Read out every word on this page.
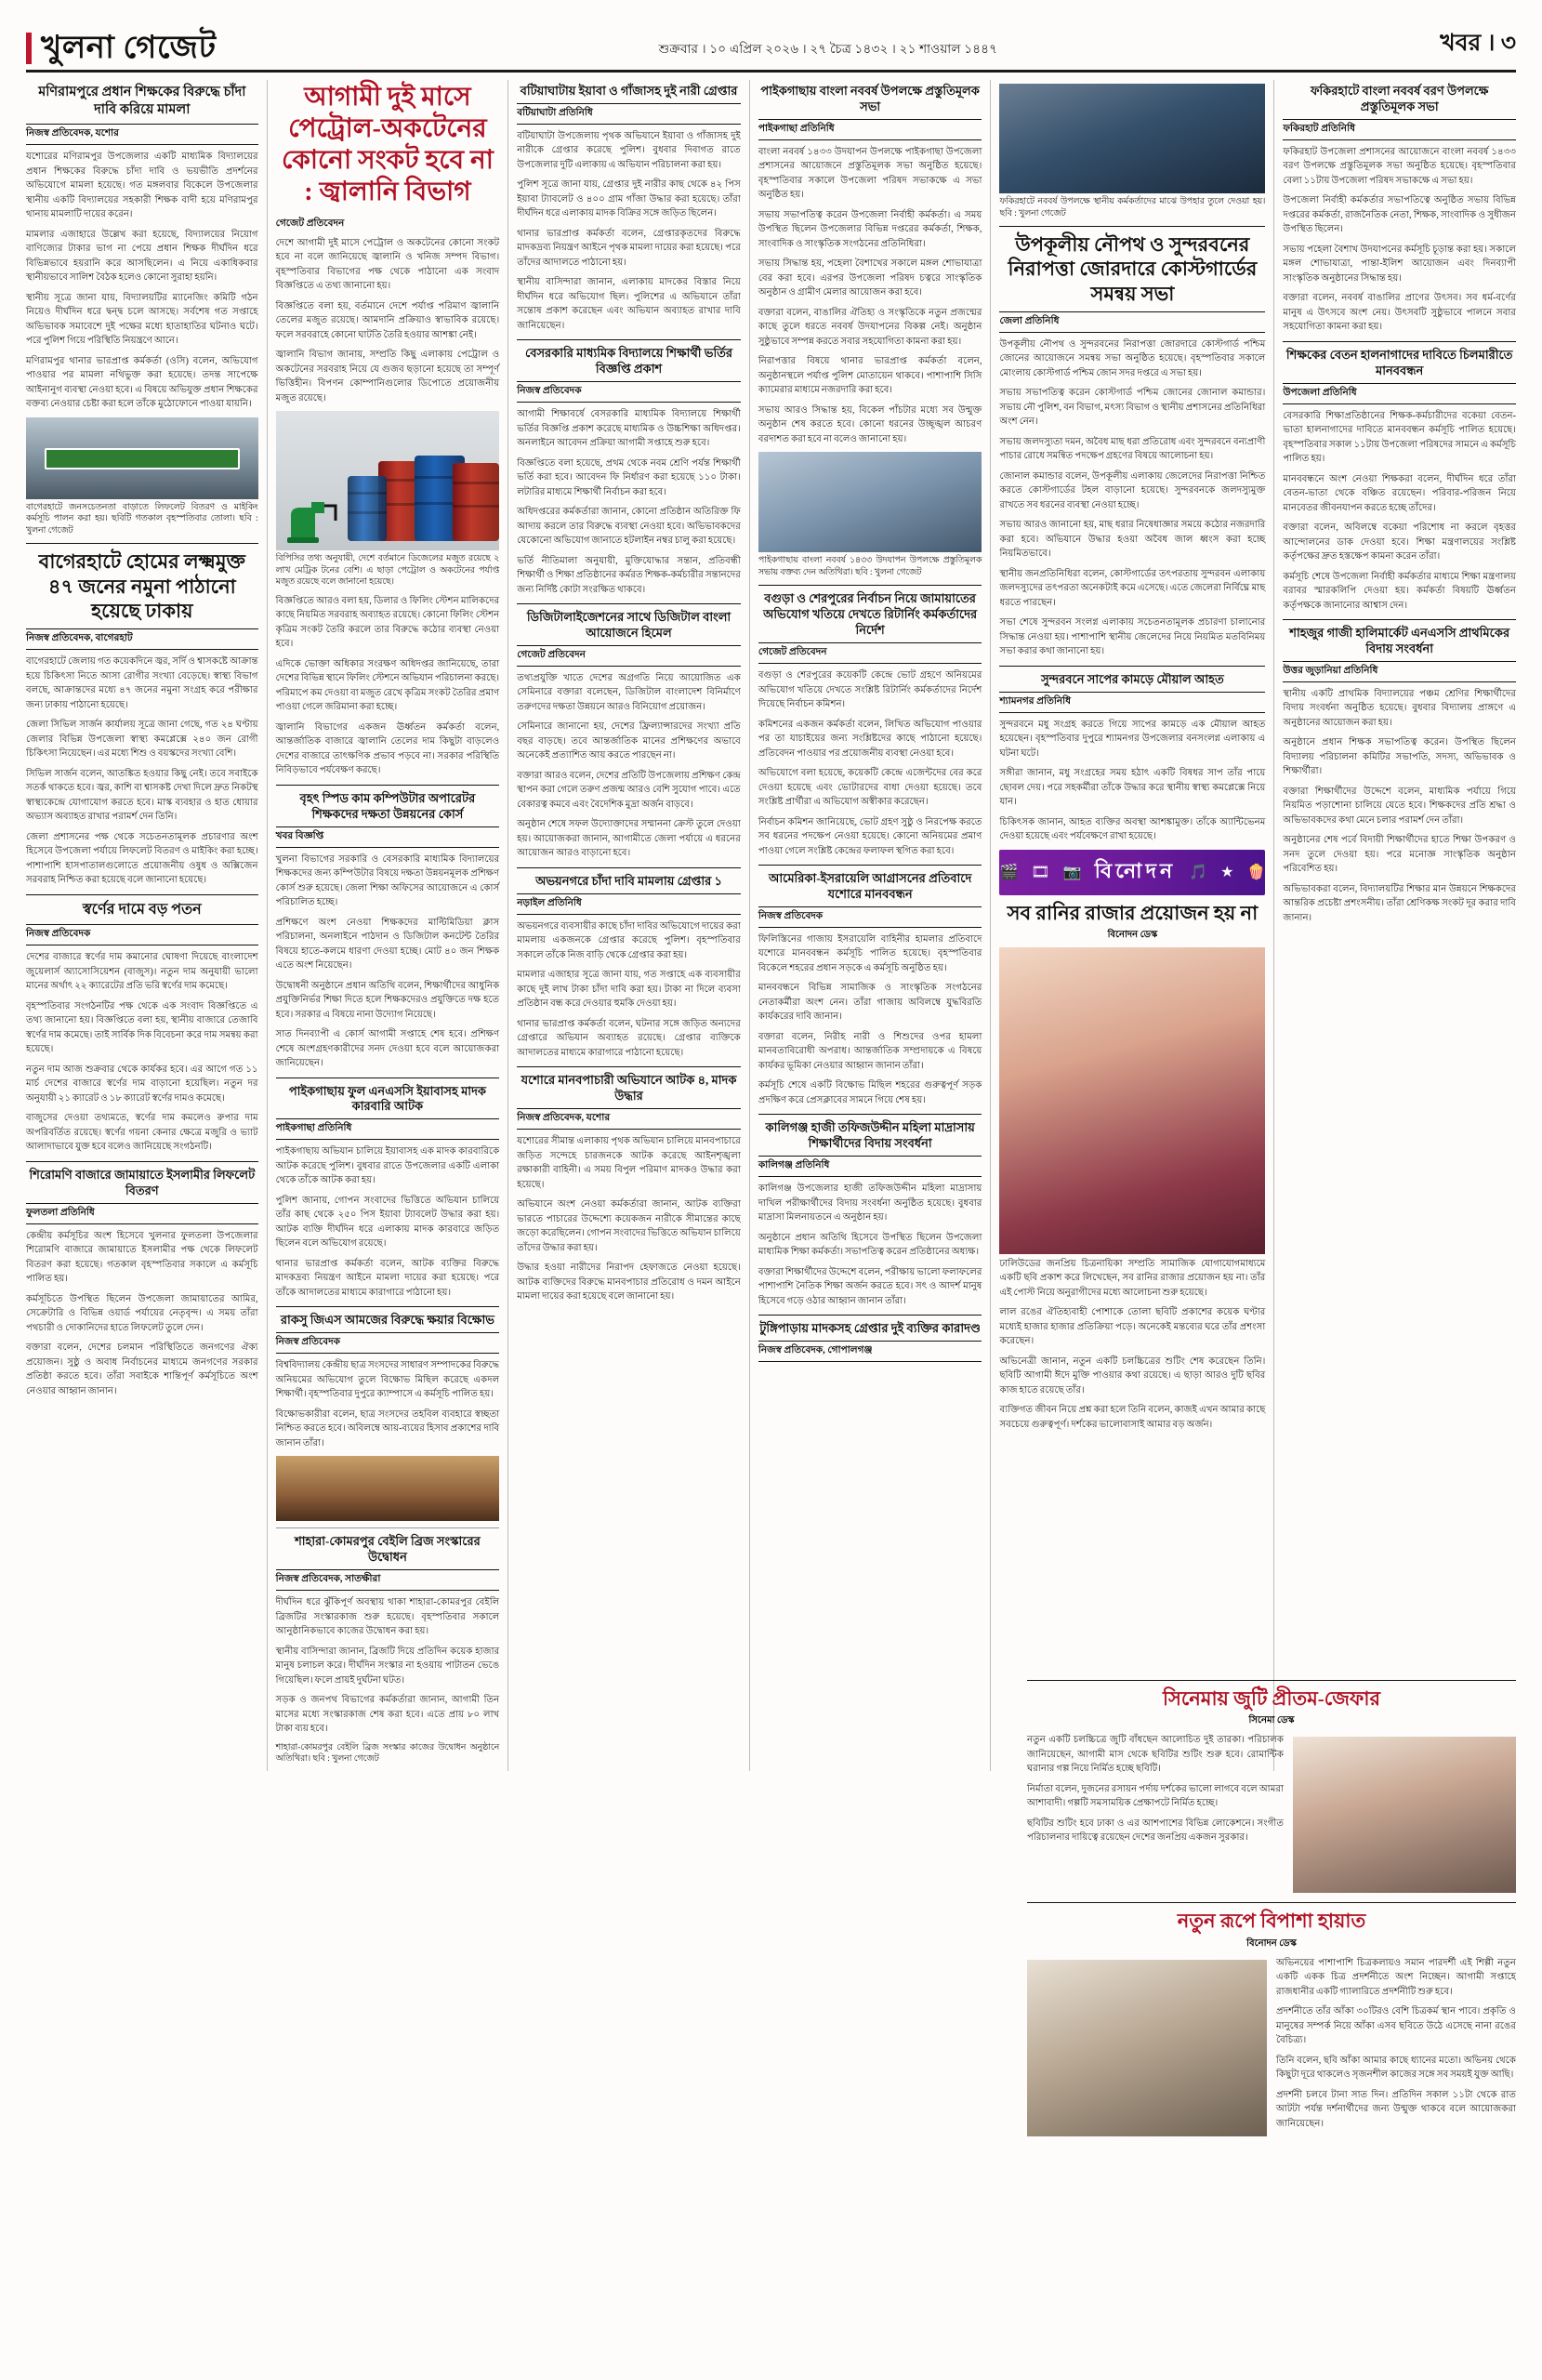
খুলনা গেজেট	শুক্রবার । ১০ এপ্রিল ২০২৬ । ২৭ চৈত্র ১৪৩২ । ২১ শাওয়াল ১৪৪৭	খবর । ৩
মণিরামপুরে প্রধান শিক্ষকের বিরুদ্ধে চাঁদা দাবি করিয়ে মামলা
নিজস্ব প্রতিবেদক, যশোর

যশোরের মণিরামপুর উপজেলার একটি মাধ্যমিক বিদ্যালয়ের প্রধান শিক্ষকের বিরুদ্ধে চাঁদা দাবি ও ভয়ভীতি প্রদর্শনের অভিযোগে মামলা হয়েছে। গত মঙ্গলবার বিকেলে উপজেলার স্থানীয় একটি বিদ্যালয়ের সহকারী শিক্ষক বাদী হয়ে মণিরামপুর থানায় মামলাটি দায়ের করেন।

মামলার এজাহারে উল্লেখ করা হয়েছে, বিদ্যালয়ের নিয়োগ বাণিজ্যের টাকার ভাগ না পেয়ে প্রধান শিক্ষক দীর্ঘদিন ধরে বিভিন্নভাবে হয়রানি করে আসছিলেন। এ নিয়ে একাধিকবার স্থানীয়ভাবে সালিশ বৈঠক হলেও কোনো সুরাহা হয়নি।

স্থানীয় সূত্রে জানা যায়, বিদ্যালয়টির ম্যানেজিং কমিটি গঠন নিয়েও দীর্ঘদিন ধরে দ্বন্দ্ব চলে আসছে। সর্বশেষ গত সপ্তাহে অভিভাবক সমাবেশে দুই পক্ষের মধ্যে হাতাহাতির ঘটনাও ঘটে। পরে পুলিশ গিয়ে পরিস্থিতি নিয়ন্ত্রণে আনে।

মণিরামপুর থানার ভারপ্রাপ্ত কর্মকর্তা (ওসি) বলেন, অভিযোগ পাওয়ার পর মামলা নথিভুক্ত করা হয়েছে। তদন্ত সাপেক্ষে আইনানুগ ব্যবস্থা নেওয়া হবে। এ বিষয়ে অভিযুক্ত প্রধান শিক্ষকের বক্তব্য নেওয়ার চেষ্টা করা হলে তাঁকে মুঠোফোনে পাওয়া যায়নি।

বাগেরহাটে জনসচেতনতা বাড়াতে লিফলেট বিতরণ ও মাইকিং কর্মসূচি পালন করা হয়। ছবিটি গতকাল বৃহস্পতিবার তোলা। ছবি : খুলনা গেজেট
বাগেরহাটে হোমের লক্ষ্মমুক্ত ৪৭ জনের নমুনা পাঠানো হয়েছে ঢাকায়
নিজস্ব প্রতিবেদক, বাগেরহাট

বাগেরহাটে জেলায় গত কয়েকদিনে জ্বর, সর্দি ও শ্বাসকষ্টে আক্রান্ত হয়ে চিকিৎসা নিতে আসা রোগীর সংখ্যা বেড়েছে। স্বাস্থ্য বিভাগ বলছে, আক্রান্তদের মধ্যে ৪৭ জনের নমুনা সংগ্রহ করে পরীক্ষার জন্য ঢাকায় পাঠানো হয়েছে।

জেলা সিভিল সার্জন কার্যালয় সূত্রে জানা গেছে, গত ২৪ ঘণ্টায় জেলার বিভিন্ন উপজেলা স্বাস্থ্য কমপ্লেক্সে ২৪০ জন রোগী চিকিৎসা নিয়েছেন। এর মধ্যে শিশু ও বয়স্কদের সংখ্যা বেশি।

সিভিল সার্জন বলেন, আতঙ্কিত হওয়ার কিছু নেই। তবে সবাইকে সতর্ক থাকতে হবে। জ্বর, কাশি বা শ্বাসকষ্ট দেখা দিলে দ্রুত নিকটস্থ স্বাস্থ্যকেন্দ্রে যোগাযোগ করতে হবে। মাস্ক ব্যবহার ও হাত ধোয়ার অভ্যাস অব্যাহত রাখার পরামর্শ দেন তিনি।

জেলা প্রশাসনের পক্ষ থেকে সচেতনতামূলক প্রচারণার অংশ হিসেবে উপজেলা পর্যায়ে লিফলেট বিতরণ ও মাইকিং করা হচ্ছে। পাশাপাশি হাসপাতালগুলোতে প্রয়োজনীয় ওষুধ ও অক্সিজেন সরবরাহ নিশ্চিত করা হয়েছে বলে জানানো হয়েছে।

স্বর্ণের দামে বড় পতন
নিজস্ব প্রতিবেদক

দেশের বাজারে স্বর্ণের দাম কমানোর ঘোষণা দিয়েছে বাংলাদেশ জুয়েলার্স অ্যাসোসিয়েশন (বাজুস)। নতুন দাম অনুযায়ী ভালো মানের অর্থাৎ ২২ ক্যারেটের প্রতি ভরি স্বর্ণের দাম কমেছে।

বৃহস্পতিবার সংগঠনটির পক্ষ থেকে এক সংবাদ বিজ্ঞপ্তিতে এ তথ্য জানানো হয়। বিজ্ঞপ্তিতে বলা হয়, স্থানীয় বাজারে তেজাবি স্বর্ণের দাম কমেছে। তাই সার্বিক দিক বিবেচনা করে দাম সমন্বয় করা হয়েছে।

নতুন দাম আজ শুক্রবার থেকে কার্যকর হবে। এর আগে গত ১১ মার্চ দেশের বাজারে স্বর্ণের দাম বাড়ানো হয়েছিল। নতুন দর অনুযায়ী ২১ ক্যারেট ও ১৮ ক্যারেট স্বর্ণের দামও কমেছে।

বাজুসের দেওয়া তথ্যমতে, স্বর্ণের দাম কমলেও রুপার দাম অপরিবর্তিত রয়েছে। স্বর্ণের গয়না কেনার ক্ষেত্রে মজুরি ও ভ্যাট আলাদাভাবে যুক্ত হবে বলেও জানিয়েছে সংগঠনটি।

শিরোমণি বাজারে জামায়াতে ইসলামীর লিফলেট বিতরণ
ফুলতলা প্রতিনিধি

কেন্দ্রীয় কর্মসূচির অংশ হিসেবে খুলনার ফুলতলা উপজেলার শিরোমণি বাজারে জামায়াতে ইসলামীর পক্ষ থেকে লিফলেট বিতরণ করা হয়েছে। গতকাল বৃহস্পতিবার সকালে এ কর্মসূচি পালিত হয়।

কর্মসূচিতে উপস্থিত ছিলেন উপজেলা জামায়াতের আমির, সেক্রেটারি ও বিভিন্ন ওয়ার্ড পর্যায়ের নেতৃবৃন্দ। এ সময় তাঁরা পথচারী ও দোকানিদের হাতে লিফলেট তুলে দেন।

বক্তারা বলেন, দেশের চলমান পরিস্থিতিতে জনগণের ঐক্য প্রয়োজন। সুষ্ঠু ও অবাধ নির্বাচনের মাধ্যমে জনগণের সরকার প্রতিষ্ঠা করতে হবে। তাঁরা সবাইকে শান্তিপূর্ণ কর্মসূচিতে অংশ নেওয়ার আহ্বান জানান।

আগামী দুই মাসে পেট্রোল-অকটেনের কোনো সংকট হবে না : জ্বালানি বিভাগ
গেজেট প্রতিবেদন

দেশে আগামী দুই মাসে পেট্রোল ও অকটেনের কোনো সংকট হবে না বলে জানিয়েছে জ্বালানি ও খনিজ সম্পদ বিভাগ। বৃহস্পতিবার বিভাগের পক্ষ থেকে পাঠানো এক সংবাদ বিজ্ঞপ্তিতে এ তথ্য জানানো হয়।

বিজ্ঞপ্তিতে বলা হয়, বর্তমানে দেশে পর্যাপ্ত পরিমাণ জ্বালানি তেলের মজুত রয়েছে। আমদানি প্রক্রিয়াও স্বাভাবিক রয়েছে। ফলে সরবরাহে কোনো ঘাটতি তৈরি হওয়ার আশঙ্কা নেই।

জ্বালানি বিভাগ জানায়, সম্প্রতি কিছু এলাকায় পেট্রোল ও অকটেনের সরবরাহ নিয়ে যে গুজব ছড়ানো হয়েছে তা সম্পূর্ণ ভিত্তিহীন। বিপণন কোম্পানিগুলোর ডিপোতে প্রয়োজনীয় মজুত রয়েছে।

বিপিসির তথ্য অনুযায়ী, দেশে বর্তমানে ডিজেলের মজুত রয়েছে ২ লাখ মেট্রিক টনের বেশি। এ ছাড়া পেট্রোল ও অকটেনের পর্যাপ্ত মজুত রয়েছে বলে জানানো হয়েছে।

বিজ্ঞপ্তিতে আরও বলা হয়, ডিলার ও ফিলিং স্টেশন মালিকদের কাছে নিয়মিত সরবরাহ অব্যাহত রয়েছে। কোনো ফিলিং স্টেশন কৃত্রিম সংকট তৈরি করলে তার বিরুদ্ধে কঠোর ব্যবস্থা নেওয়া হবে।

এদিকে ভোক্তা অধিকার সংরক্ষণ অধিদপ্তর জানিয়েছে, তারা দেশের বিভিন্ন স্থানে ফিলিং স্টেশনে অভিযান পরিচালনা করছে। পরিমাপে কম দেওয়া বা মজুত রেখে কৃত্রিম সংকট তৈরির প্রমাণ পাওয়া গেলে জরিমানা করা হচ্ছে।

জ্বালানি বিভাগের একজন ঊর্ধ্বতন কর্মকর্তা বলেন, আন্তর্জাতিক বাজারে জ্বালানি তেলের দাম কিছুটা বাড়লেও দেশের বাজারে তাৎক্ষণিক প্রভাব পড়বে না। সরকার পরিস্থিতি নিবিড়ভাবে পর্যবেক্ষণ করছে।

বৃহৎ স্পিড কাম কম্পিউটার অপারেটর শিক্ষকদের দক্ষতা উন্নয়নের কোর্স
খবর বিজ্ঞপ্তি

খুলনা বিভাগের সরকারি ও বেসরকারি মাধ্যমিক বিদ্যালয়ের শিক্ষকদের জন্য কম্পিউটার বিষয়ে দক্ষতা উন্নয়নমূলক প্রশিক্ষণ কোর্স শুরু হয়েছে। জেলা শিক্ষা অফিসের আয়োজনে এ কোর্স পরিচালিত হচ্ছে।

প্রশিক্ষণে অংশ নেওয়া শিক্ষকদের মাল্টিমিডিয়া ক্লাস পরিচালনা, অনলাইনে পাঠদান ও ডিজিটাল কনটেন্ট তৈরির বিষয়ে হাতে-কলমে ধারণা দেওয়া হচ্ছে। মোট ৪০ জন শিক্ষক এতে অংশ নিয়েছেন।

উদ্বোধনী অনুষ্ঠানে প্রধান অতিথি বলেন, শিক্ষার্থীদের আধুনিক প্রযুক্তিনির্ভর শিক্ষা দিতে হলে শিক্ষকদেরও প্রযুক্তিতে দক্ষ হতে হবে। সরকার এ বিষয়ে নানা উদ্যোগ নিয়েছে।

সাত দিনব্যাপী এ কোর্স আগামী সপ্তাহে শেষ হবে। প্রশিক্ষণ শেষে অংশগ্রহণকারীদের সনদ দেওয়া হবে বলে আয়োজকরা জানিয়েছেন।

পাইকগাছায় ফুল এনএসসি ইয়াবাসহ মাদক কারবারি আটক
পাইকগাছা প্রতিনিধি

পাইকগাছায় অভিযান চালিয়ে ইয়াবাসহ এক মাদক কারবারিকে আটক করেছে পুলিশ। বুধবার রাতে উপজেলার একটি এলাকা থেকে তাঁকে আটক করা হয়।

পুলিশ জানায়, গোপন সংবাদের ভিত্তিতে অভিযান চালিয়ে তাঁর কাছ থেকে ২৫০ পিস ইয়াবা ট্যাবলেট উদ্ধার করা হয়। আটক ব্যক্তি দীর্ঘদিন ধরে এলাকায় মাদক কারবারে জড়িত ছিলেন বলে অভিযোগ রয়েছে।

থানার ভারপ্রাপ্ত কর্মকর্তা বলেন, আটক ব্যক্তির বিরুদ্ধে মাদকদ্রব্য নিয়ন্ত্রণ আইনে মামলা দায়ের করা হয়েছে। পরে তাঁকে আদালতের মাধ্যমে কারাগারে পাঠানো হয়।

রাকসু জিএস আমজের বিরুদ্ধে ক্ষয়ার বিক্ষোভ
নিজস্ব প্রতিবেদক

বিশ্ববিদ্যালয় কেন্দ্রীয় ছাত্র সংসদের সাধারণ সম্পাদকের বিরুদ্ধে অনিয়মের অভিযোগ তুলে বিক্ষোভ মিছিল করেছে একদল শিক্ষার্থী। বৃহস্পতিবার দুপুরে ক্যাম্পাসে এ কর্মসূচি পালিত হয়।

বিক্ষোভকারীরা বলেন, ছাত্র সংসদের তহবিল ব্যবহারে স্বচ্ছতা নিশ্চিত করতে হবে। অবিলম্বে আয়-ব্যয়ের হিসাব প্রকাশের দাবি জানান তাঁরা।

শাহারা-কোমরপুর বেইলি ব্রিজ সংস্কারের উদ্বোধন
নিজস্ব প্রতিবেদক, সাতক্ষীরা

দীর্ঘদিন ধরে ঝুঁকিপূর্ণ অবস্থায় থাকা শাহারা-কোমরপুর বেইলি ব্রিজটির সংস্কারকাজ শুরু হয়েছে। বৃহস্পতিবার সকালে আনুষ্ঠানিকভাবে কাজের উদ্বোধন করা হয়।

স্থানীয় বাসিন্দারা জানান, ব্রিজটি দিয়ে প্রতিদিন কয়েক হাজার মানুষ চলাচল করে। দীর্ঘদিন সংস্কার না হওয়ায় পাটাতন ভেঙে গিয়েছিল। ফলে প্রায়ই দুর্ঘটনা ঘটত।

সড়ক ও জনপথ বিভাগের কর্মকর্তারা জানান, আগামী তিন মাসের মধ্যে সংস্কারকাজ শেষ করা হবে। এতে প্রায় ৮০ লাখ টাকা ব্যয় হবে।

শাহারা-কোমরপুর বেইলি ব্রিজ সংস্কার কাজের উদ্বোধন অনুষ্ঠানে অতিথিরা। ছবি : খুলনা গেজেট
বটিয়াঘাটায় ইয়াবা ও গাঁজাসহ দুই নারী গ্রেপ্তার
বটিয়াঘাটা প্রতিনিধি

বটিয়াঘাটা উপজেলায় পৃথক অভিযানে ইয়াবা ও গাঁজাসহ দুই নারীকে গ্রেপ্তার করেছে পুলিশ। বুধবার দিবাগত রাতে উপজেলার দুটি এলাকায় এ অভিযান পরিচালনা করা হয়।

পুলিশ সূত্রে জানা যায়, গ্রেপ্তার দুই নারীর কাছ থেকে ৪২ পিস ইয়াবা ট্যাবলেট ও ৪০০ গ্রাম গাঁজা উদ্ধার করা হয়েছে। তাঁরা দীর্ঘদিন ধরে এলাকায় মাদক বিক্রির সঙ্গে জড়িত ছিলেন।

থানার ভারপ্রাপ্ত কর্মকর্তা বলেন, গ্রেপ্তারকৃতদের বিরুদ্ধে মাদকদ্রব্য নিয়ন্ত্রণ আইনে পৃথক মামলা দায়ের করা হয়েছে। পরে তাঁদের আদালতে পাঠানো হয়।

স্থানীয় বাসিন্দারা জানান, এলাকায় মাদকের বিস্তার নিয়ে দীর্ঘদিন ধরে অভিযোগ ছিল। পুলিশের এ অভিযানে তাঁরা সন্তোষ প্রকাশ করেছেন এবং অভিযান অব্যাহত রাখার দাবি জানিয়েছেন।

বেসরকারি মাধ্যমিক বিদ্যালয়ে শিক্ষার্থী ভর্তির বিজ্ঞপ্তি প্রকাশ
নিজস্ব প্রতিবেদক

আগামী শিক্ষাবর্ষে বেসরকারি মাধ্যমিক বিদ্যালয়ে শিক্ষার্থী ভর্তির বিজ্ঞপ্তি প্রকাশ করেছে মাধ্যমিক ও উচ্চশিক্ষা অধিদপ্তর। অনলাইনে আবেদন প্রক্রিয়া আগামী সপ্তাহে শুরু হবে।

বিজ্ঞপ্তিতে বলা হয়েছে, প্রথম থেকে নবম শ্রেণি পর্যন্ত শিক্ষার্থী ভর্তি করা হবে। আবেদন ফি নির্ধারণ করা হয়েছে ১১০ টাকা। লটারির মাধ্যমে শিক্ষার্থী নির্বাচন করা হবে।

অধিদপ্তরের কর্মকর্তারা জানান, কোনো প্রতিষ্ঠান অতিরিক্ত ফি আদায় করলে তার বিরুদ্ধে ব্যবস্থা নেওয়া হবে। অভিভাবকদের যেকোনো অভিযোগ জানাতে হটলাইন নম্বর চালু করা হয়েছে।

ভর্তি নীতিমালা অনুযায়ী, মুক্তিযোদ্ধার সন্তান, প্রতিবন্ধী শিক্ষার্থী ও শিক্ষা প্রতিষ্ঠানের কর্মরত শিক্ষক-কর্মচারীর সন্তানদের জন্য নির্দিষ্ট কোটা সংরক্ষিত থাকবে।

ডিজিটালাইজেশনের সাথে ডিজিটাল বাংলা আয়োজনে হিমেল
গেজেট প্রতিবেদন

তথ্যপ্রযুক্তি খাতে দেশের অগ্রগতি নিয়ে আয়োজিত এক সেমিনারে বক্তারা বলেছেন, ডিজিটাল বাংলাদেশ বিনির্মাণে তরুণদের দক্ষতা উন্নয়নে আরও বিনিয়োগ প্রয়োজন।

সেমিনারে জানানো হয়, দেশের ফ্রিল্যান্সারদের সংখ্যা প্রতি বছর বাড়ছে। তবে আন্তর্জাতিক মানের প্রশিক্ষণের অভাবে অনেকেই প্রত্যাশিত আয় করতে পারছেন না।

বক্তারা আরও বলেন, দেশের প্রতিটি উপজেলায় প্রশিক্ষণ কেন্দ্র স্থাপন করা গেলে তরুণ প্রজন্ম আরও বেশি সুযোগ পাবে। এতে বেকারত্ব কমবে এবং বৈদেশিক মুদ্রা অর্জন বাড়বে।

অনুষ্ঠান শেষে সফল উদ্যোক্তাদের সম্মাননা ক্রেস্ট তুলে দেওয়া হয়। আয়োজকরা জানান, আগামীতে জেলা পর্যায়ে এ ধরনের আয়োজন আরও বাড়ানো হবে।

অভয়নগরে চাঁদা দাবি মামলায় গ্রেপ্তার ১
নড়াইল প্রতিনিধি

অভয়নগরে ব্যবসায়ীর কাছে চাঁদা দাবির অভিযোগে দায়ের করা মামলায় একজনকে গ্রেপ্তার করেছে পুলিশ। বৃহস্পতিবার সকালে তাঁকে নিজ বাড়ি থেকে গ্রেপ্তার করা হয়।

মামলার এজাহার সূত্রে জানা যায়, গত সপ্তাহে এক ব্যবসায়ীর কাছে দুই লাখ টাকা চাঁদা দাবি করা হয়। টাকা না দিলে ব্যবসা প্রতিষ্ঠান বন্ধ করে দেওয়ার হুমকি দেওয়া হয়।

থানার ভারপ্রাপ্ত কর্মকর্তা বলেন, ঘটনার সঙ্গে জড়িত অন্যদের গ্রেপ্তারে অভিযান অব্যাহত রয়েছে। গ্রেপ্তার ব্যক্তিকে আদালতের মাধ্যমে কারাগারে পাঠানো হয়েছে।

যশোরে মানবপাচারী অভিযানে আটক ৪, মাদক উদ্ধার
নিজস্ব প্রতিবেদক, যশোর

যশোরের সীমান্ত এলাকায় পৃথক অভিযান চালিয়ে মানবপাচারে জড়িত সন্দেহে চারজনকে আটক করেছে আইনশৃঙ্খলা রক্ষাকারী বাহিনী। এ সময় বিপুল পরিমাণ মাদকও উদ্ধার করা হয়েছে।

অভিযানে অংশ নেওয়া কর্মকর্তারা জানান, আটক ব্যক্তিরা ভারতে পাচারের উদ্দেশ্যে কয়েকজন নারীকে সীমান্তের কাছে জড়ো করেছিলেন। গোপন সংবাদের ভিত্তিতে অভিযান চালিয়ে তাঁদের উদ্ধার করা হয়।

উদ্ধার হওয়া নারীদের নিরাপদ হেফাজতে নেওয়া হয়েছে। আটক ব্যক্তিদের বিরুদ্ধে মানবপাচার প্রতিরোধ ও দমন আইনে মামলা দায়ের করা হয়েছে বলে জানানো হয়।

পাইকগাছায় বাংলা নববর্ষ উপলক্ষে প্রস্তুতিমূলক সভা
পাইকগাছা প্রতিনিধি

বাংলা নববর্ষ ১৪৩৩ উদযাপন উপলক্ষে পাইকগাছা উপজেলা প্রশাসনের আয়োজনে প্রস্তুতিমূলক সভা অনুষ্ঠিত হয়েছে। বৃহস্পতিবার সকালে উপজেলা পরিষদ সভাকক্ষে এ সভা অনুষ্ঠিত হয়।

সভায় সভাপতিত্ব করেন উপজেলা নির্বাহী কর্মকর্তা। এ সময় উপস্থিত ছিলেন উপজেলার বিভিন্ন দপ্তরের কর্মকর্তা, শিক্ষক, সাংবাদিক ও সাংস্কৃতিক সংগঠনের প্রতিনিধিরা।

সভায় সিদ্ধান্ত হয়, পহেলা বৈশাখের সকালে মঙ্গল শোভাযাত্রা বের করা হবে। এরপর উপজেলা পরিষদ চত্বরে সাংস্কৃতিক অনুষ্ঠান ও গ্রামীণ মেলার আয়োজন করা হবে।

বক্তারা বলেন, বাঙালির ঐতিহ্য ও সংস্কৃতিকে নতুন প্রজন্মের কাছে তুলে ধরতে নববর্ষ উদযাপনের বিকল্প নেই। অনুষ্ঠান সুষ্ঠুভাবে সম্পন্ন করতে সবার সহযোগিতা কামনা করা হয়।

নিরাপত্তার বিষয়ে থানার ভারপ্রাপ্ত কর্মকর্তা বলেন, অনুষ্ঠানস্থলে পর্যাপ্ত পুলিশ মোতায়েন থাকবে। পাশাপাশি সিসি ক্যামেরার মাধ্যমে নজরদারি করা হবে।

সভায় আরও সিদ্ধান্ত হয়, বিকেল পাঁচটার মধ্যে সব উন্মুক্ত অনুষ্ঠান শেষ করতে হবে। কোনো ধরনের উচ্ছৃঙ্খল আচরণ বরদাশত করা হবে না বলেও জানানো হয়।

পাইকগাছায় বাংলা নববর্ষ ১৪৩৩ উদযাপন উপলক্ষে প্রস্তুতিমূলক সভায় বক্তব্য দেন অতিথিরা। ছবি : খুলনা গেজেট
বগুড়া ও শেরপুরের নির্বাচন নিয়ে জামায়াতের অভিযোগ খতিয়ে দেখতে রিটার্নিং কর্মকর্তাদের নির্দেশ
গেজেট প্রতিবেদন

বগুড়া ও শেরপুরের কয়েকটি কেন্দ্রে ভোট গ্রহণে অনিয়মের অভিযোগ খতিয়ে দেখতে সংশ্লিষ্ট রিটার্নিং কর্মকর্তাদের নির্দেশ দিয়েছে নির্বাচন কমিশন।

কমিশনের একজন কর্মকর্তা বলেন, লিখিত অভিযোগ পাওয়ার পর তা যাচাইয়ের জন্য সংশ্লিষ্টদের কাছে পাঠানো হয়েছে। প্রতিবেদন পাওয়ার পর প্রয়োজনীয় ব্যবস্থা নেওয়া হবে।

অভিযোগে বলা হয়েছে, কয়েকটি কেন্দ্রে এজেন্টদের বের করে দেওয়া হয়েছে এবং ভোটারদের বাধা দেওয়া হয়েছে। তবে সংশ্লিষ্ট প্রার্থীরা এ অভিযোগ অস্বীকার করেছেন।

নির্বাচন কমিশন জানিয়েছে, ভোট গ্রহণ সুষ্ঠু ও নিরপেক্ষ করতে সব ধরনের পদক্ষেপ নেওয়া হয়েছে। কোনো অনিয়মের প্রমাণ পাওয়া গেলে সংশ্লিষ্ট কেন্দ্রের ফলাফল স্থগিত করা হবে।

আমেরিকা-ইসরায়েলি আগ্রাসনের প্রতিবাদে যশোরে মানববন্ধন
নিজস্ব প্রতিবেদক

ফিলিস্তিনের গাজায় ইসরায়েলি বাহিনীর হামলার প্রতিবাদে যশোরে মানববন্ধন কর্মসূচি পালিত হয়েছে। বৃহস্পতিবার বিকেলে শহরের প্রধান সড়কে এ কর্মসূচি অনুষ্ঠিত হয়।

মানববন্ধনে বিভিন্ন সামাজিক ও সাংস্কৃতিক সংগঠনের নেতাকর্মীরা অংশ নেন। তাঁরা গাজায় অবিলম্বে যুদ্ধবিরতি কার্যকরের দাবি জানান।

বক্তারা বলেন, নিরীহ নারী ও শিশুদের ওপর হামলা মানবতাবিরোধী অপরাধ। আন্তর্জাতিক সম্প্রদায়কে এ বিষয়ে কার্যকর ভূমিকা নেওয়ার আহ্বান জানান তাঁরা।

কর্মসূচি শেষে একটি বিক্ষোভ মিছিল শহরের গুরুত্বপূর্ণ সড়ক প্রদক্ষিণ করে প্রেসক্লাবের সামনে গিয়ে শেষ হয়।

কালিগঞ্জ হাজী তফিজউদ্দীন মহিলা মাদ্রাসায় শিক্ষার্থীদের বিদায় সংবর্ধনা
কালিগঞ্জ প্রতিনিধি

কালিগঞ্জ উপজেলার হাজী তফিজউদ্দীন মহিলা মাদ্রাসায় দাখিল পরীক্ষার্থীদের বিদায় সংবর্ধনা অনুষ্ঠিত হয়েছে। বুধবার মাদ্রাসা মিলনায়তনে এ অনুষ্ঠান হয়।

অনুষ্ঠানে প্রধান অতিথি হিসেবে উপস্থিত ছিলেন উপজেলা মাধ্যমিক শিক্ষা কর্মকর্তা। সভাপতিত্ব করেন প্রতিষ্ঠানের অধ্যক্ষ।

বক্তারা শিক্ষার্থীদের উদ্দেশে বলেন, পরীক্ষায় ভালো ফলাফলের পাশাপাশি নৈতিক শিক্ষা অর্জন করতে হবে। সৎ ও আদর্শ মানুষ হিসেবে গড়ে ওঠার আহ্বান জানান তাঁরা।

টুঙ্গিপাড়ায় মাদকসহ গ্রেপ্তার দুই ব্যক্তির কারাদণ্ড
নিজস্ব প্রতিবেদক, গোপালগঞ্জ
ফকিরহাটে নববর্ষ উপলক্ষে স্থানীয় কর্মকর্তাদের মাঝে উপহার তুলে দেওয়া হয়। ছবি : খুলনা গেজেট
উপকূলীয় নৌপথ ও সুন্দরবনের নিরাপত্তা জোরদারে কোস্টগার্ডের সমন্বয় সভা
জেলা প্রতিনিধি

উপকূলীয় নৌপথ ও সুন্দরবনের নিরাপত্তা জোরদারে কোস্টগার্ড পশ্চিম জোনের আয়োজনে সমন্বয় সভা অনুষ্ঠিত হয়েছে। বৃহস্পতিবার সকালে মোংলায় কোস্টগার্ড পশ্চিম জোন সদর দপ্তরে এ সভা হয়।

সভায় সভাপতিত্ব করেন কোস্টগার্ড পশ্চিম জোনের জোনাল কমান্ডার। সভায় নৌ পুলিশ, বন বিভাগ, মৎস্য বিভাগ ও স্থানীয় প্রশাসনের প্রতিনিধিরা অংশ নেন।

সভায় জলদস্যুতা দমন, অবৈধ মাছ ধরা প্রতিরোধ এবং সুন্দরবনে বন্যপ্রাণী পাচার রোধে সমন্বিত পদক্ষেপ গ্রহণের বিষয়ে আলোচনা হয়।

জোনাল কমান্ডার বলেন, উপকূলীয় এলাকায় জেলেদের নিরাপত্তা নিশ্চিত করতে কোস্টগার্ডের টহল বাড়ানো হয়েছে। সুন্দরবনকে জলদস্যুমুক্ত রাখতে সব ধরনের ব্যবস্থা নেওয়া হচ্ছে।

সভায় আরও জানানো হয়, মাছ ধরার নিষেধাজ্ঞার সময়ে কঠোর নজরদারি করা হবে। অভিযানে উদ্ধার হওয়া অবৈধ জাল ধ্বংস করা হচ্ছে নিয়মিতভাবে।

স্থানীয় জনপ্রতিনিধিরা বলেন, কোস্টগার্ডের তৎপরতায় সুন্দরবন এলাকায় জলদস্যুদের তৎপরতা অনেকটাই কমে এসেছে। এতে জেলেরা নির্বিঘ্নে মাছ ধরতে পারছেন।

সভা শেষে সুন্দরবন সংলগ্ন এলাকায় সচেতনতামূলক প্রচারণা চালানোর সিদ্ধান্ত নেওয়া হয়। পাশাপাশি স্থানীয় জেলেদের নিয়ে নিয়মিত মতবিনিময় সভা করার কথা জানানো হয়।

সুন্দরবনে সাপের কামড়ে মৌয়াল আহত
শ্যামনগর প্রতিনিধি

সুন্দরবনে মধু সংগ্রহ করতে গিয়ে সাপের কামড়ে এক মৌয়াল আহত হয়েছেন। বৃহস্পতিবার দুপুরে শ্যামনগর উপজেলার বনসংলগ্ন এলাকায় এ ঘটনা ঘটে।

সঙ্গীরা জানান, মধু সংগ্রহের সময় হঠাৎ একটি বিষধর সাপ তাঁর পায়ে ছোবল দেয়। পরে সহকর্মীরা তাঁকে উদ্ধার করে স্থানীয় স্বাস্থ্য কমপ্লেক্সে নিয়ে যান।

চিকিৎসক জানান, আহত ব্যক্তির অবস্থা আশঙ্কামুক্ত। তাঁকে অ্যান্টিভেনম দেওয়া হয়েছে এবং পর্যবেক্ষণে রাখা হয়েছে।

🎬 🎞 📷 বিনোদন 🎵 ★ 🍿
সব রানির রাজার প্রয়োজন হয় না
বিনোদন ডেস্ক

ঢালিউডের জনপ্রিয় চিত্রনায়িকা সম্প্রতি সামাজিক যোগাযোগমাধ্যমে একটি ছবি প্রকাশ করে লিখেছেন, সব রানির রাজার প্রয়োজন হয় না। তাঁর এই পোস্ট নিয়ে অনুরাগীদের মধ্যে আলোচনা শুরু হয়েছে।

লাল রঙের ঐতিহ্যবাহী পোশাকে তোলা ছবিটি প্রকাশের কয়েক ঘণ্টার মধ্যেই হাজার হাজার প্রতিক্রিয়া পড়ে। অনেকেই মন্তব্যের ঘরে তাঁর প্রশংসা করেছেন।

অভিনেত্রী জানান, নতুন একটি চলচ্চিত্রের শুটিং শেষ করেছেন তিনি। ছবিটি আগামী ঈদে মুক্তি পাওয়ার কথা রয়েছে। এ ছাড়া আরও দুটি ছবির কাজ হাতে রয়েছে তাঁর।

ব্যক্তিগত জীবন নিয়ে প্রশ্ন করা হলে তিনি বলেন, কাজই এখন আমার কাছে সবচেয়ে গুরুত্বপূর্ণ। দর্শকের ভালোবাসাই আমার বড় অর্জন।

ফকিরহাটে বাংলা নববর্ষ বরণ উপলক্ষে প্রস্তুতিমূলক সভা
ফকিরহাট প্রতিনিধি

ফকিরহাট উপজেলা প্রশাসনের আয়োজনে বাংলা নববর্ষ ১৪৩৩ বরণ উপলক্ষে প্রস্তুতিমূলক সভা অনুষ্ঠিত হয়েছে। বৃহস্পতিবার বেলা ১১টায় উপজেলা পরিষদ সভাকক্ষে এ সভা হয়।

উপজেলা নির্বাহী কর্মকর্তার সভাপতিত্বে অনুষ্ঠিত সভায় বিভিন্ন দপ্তরের কর্মকর্তা, রাজনৈতিক নেতা, শিক্ষক, সাংবাদিক ও সুধীজন উপস্থিত ছিলেন।

সভায় পহেলা বৈশাখ উদযাপনের কর্মসূচি চূড়ান্ত করা হয়। সকালে মঙ্গল শোভাযাত্রা, পান্তা-ইলিশ আয়োজন এবং দিনব্যাপী সাংস্কৃতিক অনুষ্ঠানের সিদ্ধান্ত হয়।

বক্তারা বলেন, নববর্ষ বাঙালির প্রাণের উৎসব। সব ধর্ম-বর্ণের মানুষ এ উৎসবে অংশ নেয়। উৎসবটি সুষ্ঠুভাবে পালনে সবার সহযোগিতা কামনা করা হয়।

শিক্ষকের বেতন হালনাগাদের দাবিতে চিলমারীতে মানববন্ধন
উপজেলা প্রতিনিধি

বেসরকারি শিক্ষাপ্রতিষ্ঠানের শিক্ষক-কর্মচারীদের বকেয়া বেতন-ভাতা হালনাগাদের দাবিতে মানববন্ধন কর্মসূচি পালিত হয়েছে। বৃহস্পতিবার সকাল ১১টায় উপজেলা পরিষদের সামনে এ কর্মসূচি পালিত হয়।

মানববন্ধনে অংশ নেওয়া শিক্ষকরা বলেন, দীর্ঘদিন ধরে তাঁরা বেতন-ভাতা থেকে বঞ্চিত রয়েছেন। পরিবার-পরিজন নিয়ে মানবেতর জীবনযাপন করতে হচ্ছে তাঁদের।

বক্তারা বলেন, অবিলম্বে বকেয়া পরিশোধ না করলে বৃহত্তর আন্দোলনের ডাক দেওয়া হবে। শিক্ষা মন্ত্রণালয়ের সংশ্লিষ্ট কর্তৃপক্ষের দ্রুত হস্তক্ষেপ কামনা করেন তাঁরা।

কর্মসূচি শেষে উপজেলা নির্বাহী কর্মকর্তার মাধ্যমে শিক্ষা মন্ত্রণালয় বরাবর স্মারকলিপি দেওয়া হয়। কর্মকর্তা বিষয়টি ঊর্ধ্বতন কর্তৃপক্ষকে জানানোর আশ্বাস দেন।

শাহজুর গাজী হালিমার্কেট এনএসসি প্রাথমিকের বিদায় সংবর্ধনা
উত্তর জুড়ানিয়া প্রতিনিধি

স্থানীয় একটি প্রাথমিক বিদ্যালয়ের পঞ্চম শ্রেণির শিক্ষার্থীদের বিদায় সংবর্ধনা অনুষ্ঠিত হয়েছে। বুধবার বিদ্যালয় প্রাঙ্গণে এ অনুষ্ঠানের আয়োজন করা হয়।

অনুষ্ঠানে প্রধান শিক্ষক সভাপতিত্ব করেন। উপস্থিত ছিলেন বিদ্যালয় পরিচালনা কমিটির সভাপতি, সদস্য, অভিভাবক ও শিক্ষার্থীরা।

বক্তারা শিক্ষার্থীদের উদ্দেশে বলেন, মাধ্যমিক পর্যায়ে গিয়ে নিয়মিত পড়াশোনা চালিয়ে যেতে হবে। শিক্ষকদের প্রতি শ্রদ্ধা ও অভিভাবকদের কথা মেনে চলার পরামর্শ দেন তাঁরা।

অনুষ্ঠানের শেষ পর্বে বিদায়ী শিক্ষার্থীদের হাতে শিক্ষা উপকরণ ও সনদ তুলে দেওয়া হয়। পরে মনোজ্ঞ সাংস্কৃতিক অনুষ্ঠান পরিবেশিত হয়।

অভিভাবকরা বলেন, বিদ্যালয়টির শিক্ষার মান উন্নয়নে শিক্ষকদের আন্তরিক প্রচেষ্টা প্রশংসনীয়। তাঁরা শ্রেণিকক্ষ সংকট দূর করার দাবি জানান।

সিনেমায় জুটি প্রীতম-জেফার
সিনেমা ডেস্ক

নতুন একটি চলচ্চিত্রে জুটি বাঁধছেন আলোচিত দুই তারকা। পরিচালক জানিয়েছেন, আগামী মাস থেকে ছবিটির শুটিং শুরু হবে। রোমান্টিক ঘরানার গল্প নিয়ে নির্মিত হচ্ছে ছবিটি।

নির্মাতা বলেন, দুজনের রসায়ন পর্দায় দর্শকের ভালো লাগবে বলে আমরা আশাবাদী। গল্পটি সমসাময়িক প্রেক্ষাপটে নির্মিত হচ্ছে।

ছবিটির শুটিং হবে ঢাকা ও এর আশপাশের বিভিন্ন লোকেশনে। সংগীত পরিচালনার দায়িত্বে রয়েছেন দেশের জনপ্রিয় একজন সুরকার।

নতুন রূপে বিপাশা হায়াত
বিনোদন ডেস্ক

অভিনয়ের পাশাপাশি চিত্রকলায়ও সমান পারদর্শী এই শিল্পী নতুন একটি একক চিত্র প্রদর্শনীতে অংশ নিচ্ছেন। আগামী সপ্তাহে রাজধানীর একটি গ্যালারিতে প্রদর্শনীটি শুরু হবে।

প্রদর্শনীতে তাঁর আঁকা ৩০টিরও বেশি চিত্রকর্ম স্থান পাবে। প্রকৃতি ও মানুষের সম্পর্ক নিয়ে আঁকা এসব ছবিতে উঠে এসেছে নানা রঙের বৈচিত্র্য।

তিনি বলেন, ছবি আঁকা আমার কাছে ধ্যানের মতো। অভিনয় থেকে কিছুটা দূরে থাকলেও সৃজনশীল কাজের সঙ্গে সব সময়ই যুক্ত আছি।

প্রদর্শনী চলবে টানা সাত দিন। প্রতিদিন সকাল ১১টা থেকে রাত আটটা পর্যন্ত দর্শনার্থীদের জন্য উন্মুক্ত থাকবে বলে আয়োজকরা জানিয়েছেন।
